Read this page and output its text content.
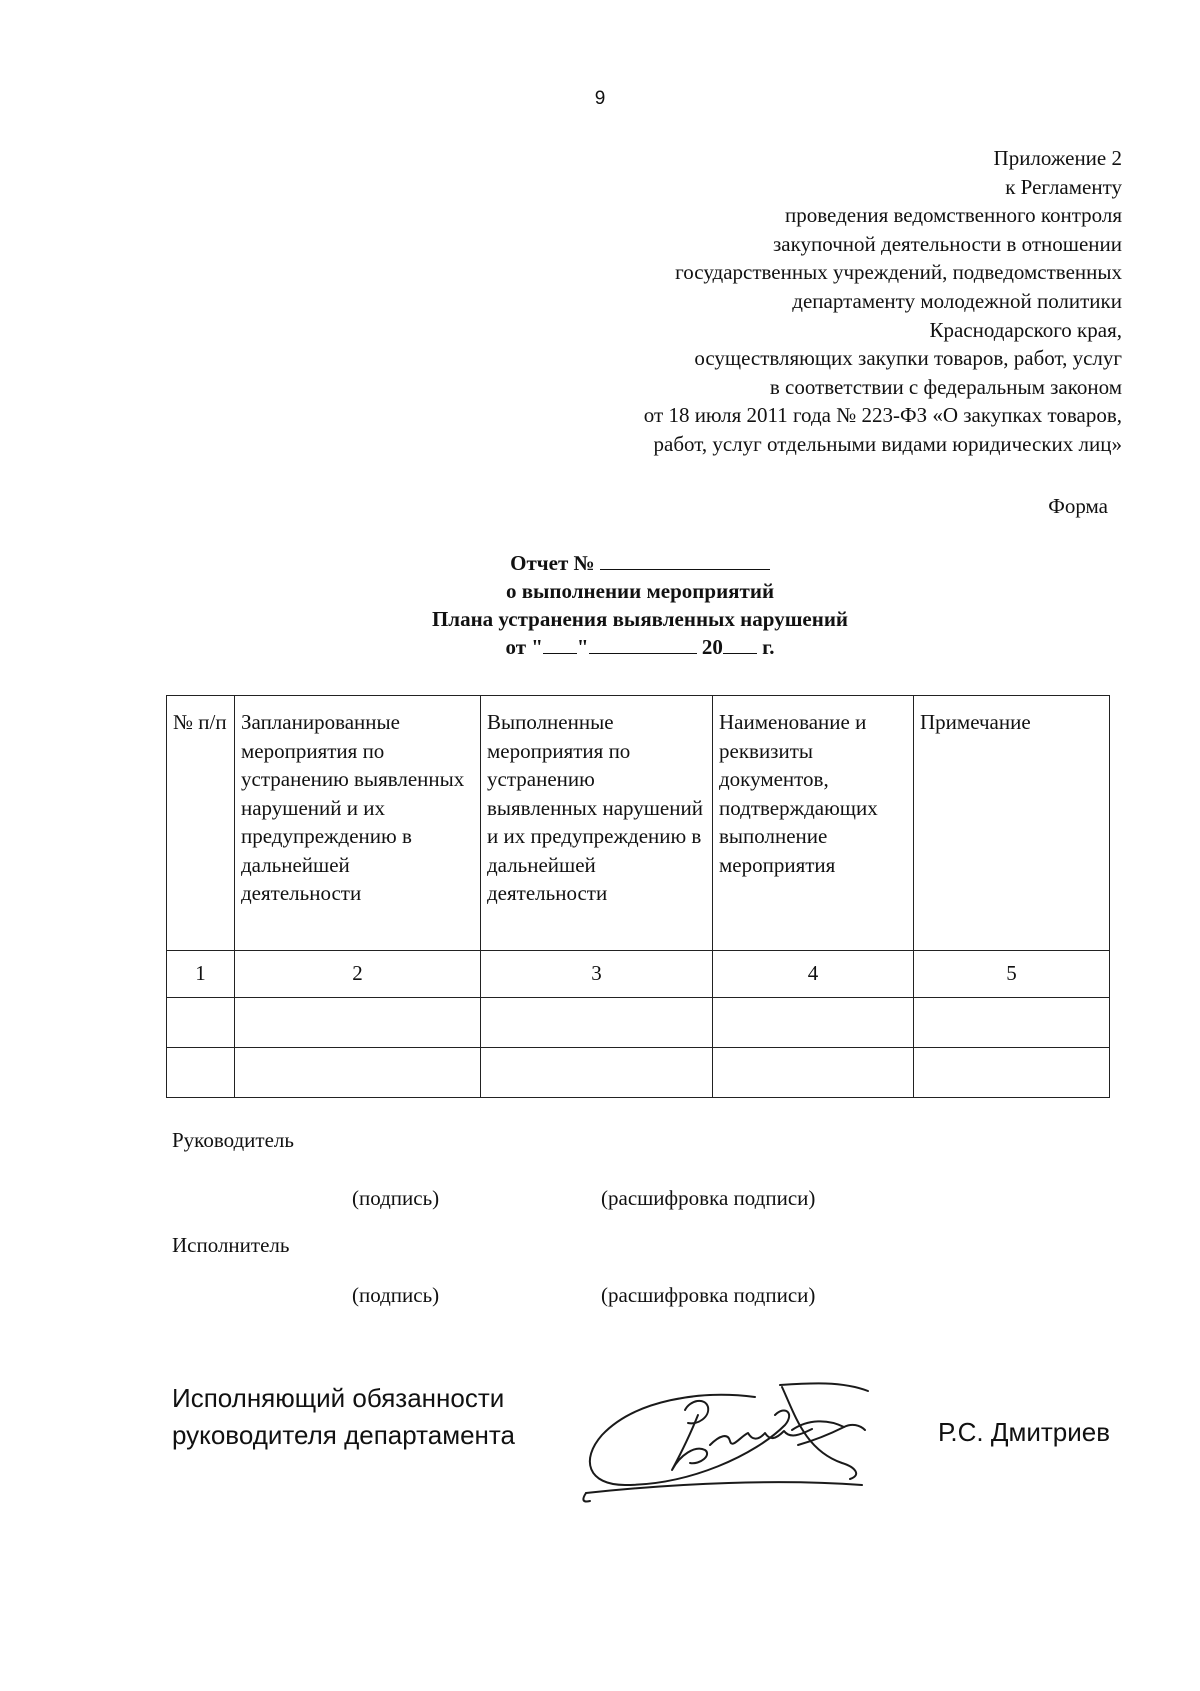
9
Приложение 2
к Регламенту
проведения ведомственного контроля
закупочной деятельности в отношении
государственных учреждений, подведомственных
департаменту молодежной политики
Краснодарского края,
осуществляющих закупки товаров, работ, услуг
в соответствии с федеральным законом
от 18 июля 2011 года № 223-ФЗ «О закупках товаров,
работ, услуг отдельными видами юридических лиц»
Форма
Отчет №
о выполнении мероприятий
Плана устранения выявленных нарушений
от " "	20 г.
№ п/п	Запланированные мероприятия по устранению выявленных нарушений и их предупреждению в дальнейшей деятельности	Выполненные мероприятия по устранению выявленных нарушений и их предупреждению в дальнейшей деятельности	Наименование и реквизиты документов, подтверждающих выполнение мероприятия	Примечание
1	2	3	4	5

Руководитель
(подпись)	(расшифровка подписи)
Исполнитель
(подпись)	(расшифровка подписи)
Исполняющий обязанности
руководителя департамента	Р.С. Дмитриев
